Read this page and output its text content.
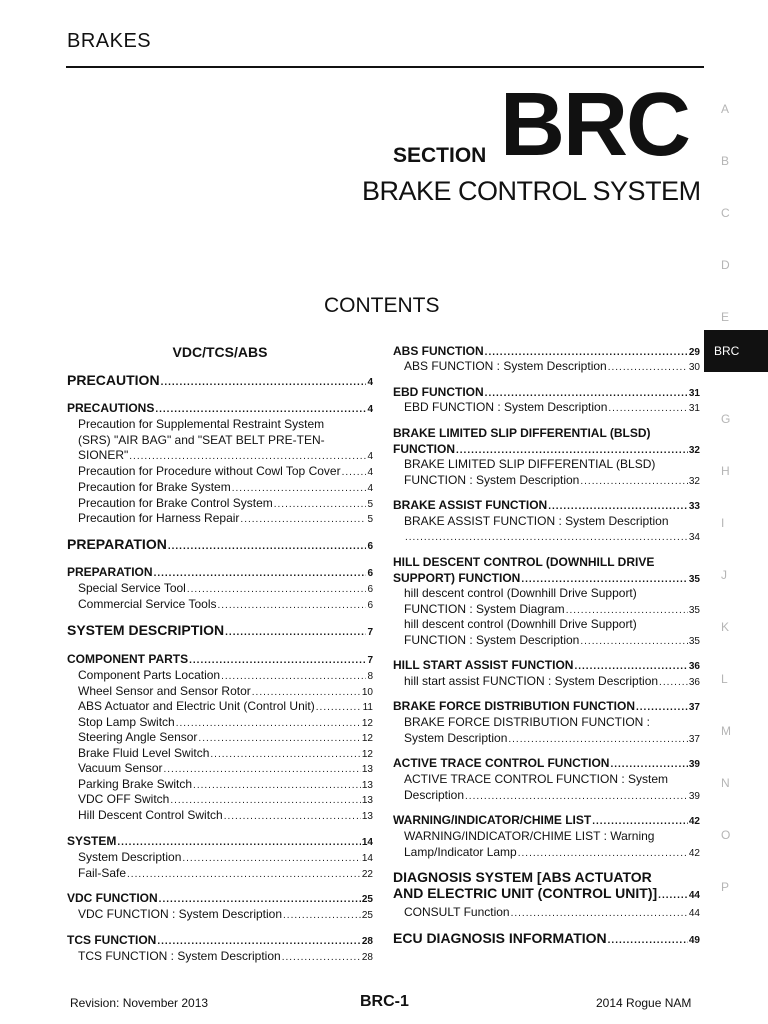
BRAKES
SECTION BRC
BRAKE CONTROL SYSTEM
CONTENTS
A
B
C
D
E
BRC
G
H
I
J
K
L
M
N
O
P
VDC/TCS/ABS
PRECAUTION .....	4
PRECAUTIONS .....	4
Precaution for Supplemental Restraint System
(SRS) "AIR BAG" and "SEAT BELT PRE-TEN-
SIONER" .....	4
Precaution for Procedure without Cowl Top Cover .....	4
Precaution for Brake System .....	4
Precaution for Brake Control System .....	5
Precaution for Harness Repair .....	5
PREPARATION .....	6
PREPARATION .....	6
Special Service Tool .....	6
Commercial Service Tools .....	6
SYSTEM DESCRIPTION .....	7
COMPONENT PARTS .....	7
Component Parts Location .....	8
Wheel Sensor and Sensor Rotor .....	10
ABS Actuator and Electric Unit (Control Unit) .....	11
Stop Lamp Switch .....	12
Steering Angle Sensor .....	12
Brake Fluid Level Switch .....	12
Vacuum Sensor .....	13
Parking Brake Switch .....	13
VDC OFF Switch .....	13
Hill Descent Control Switch .....	13
SYSTEM .....	14
System Description .....	14
Fail-Safe .....	22
VDC FUNCTION .....	25
VDC FUNCTION : System Description .....	25
TCS FUNCTION .....	28
TCS FUNCTION : System Description .....	28
ABS FUNCTION .....	29
ABS FUNCTION : System Description .....	30
EBD FUNCTION .....	31
EBD FUNCTION : System Description .....	31
BRAKE LIMITED SLIP DIFFERENTIAL (BLSD)
FUNCTION .....	32
BRAKE LIMITED SLIP DIFFERENTIAL (BLSD)
FUNCTION : System Description .....	32
BRAKE ASSIST FUNCTION .....	33
BRAKE ASSIST FUNCTION : System Description
.....
34
HILL DESCENT CONTROL (DOWNHILL DRIVE
SUPPORT) FUNCTION .....	35
hill descent control (Downhill Drive Support)
FUNCTION : System Diagram .....	35
hill descent control (Downhill Drive Support)
FUNCTION : System Description .....	35
HILL START ASSIST FUNCTION .....	36
hill start assist FUNCTION : System Description .....	36
BRAKE FORCE DISTRIBUTION FUNCTION .....	37
BRAKE FORCE DISTRIBUTION FUNCTION :
System Description .....	37
ACTIVE TRACE CONTROL FUNCTION .....	39
ACTIVE TRACE CONTROL FUNCTION : System
Description .....	39
WARNING/INDICATOR/CHIME LIST .....	42
WARNING/INDICATOR/CHIME LIST : Warning
Lamp/Indicator Lamp .....	42
DIAGNOSIS SYSTEM [ABS ACTUATOR
AND ELECTRIC UNIT (CONTROL UNIT)] .....	44
CONSULT Function .....	44
ECU DIAGNOSIS INFORMATION .....	49
Revision: November 2013	BRC-1	2014 Rogue NAM
